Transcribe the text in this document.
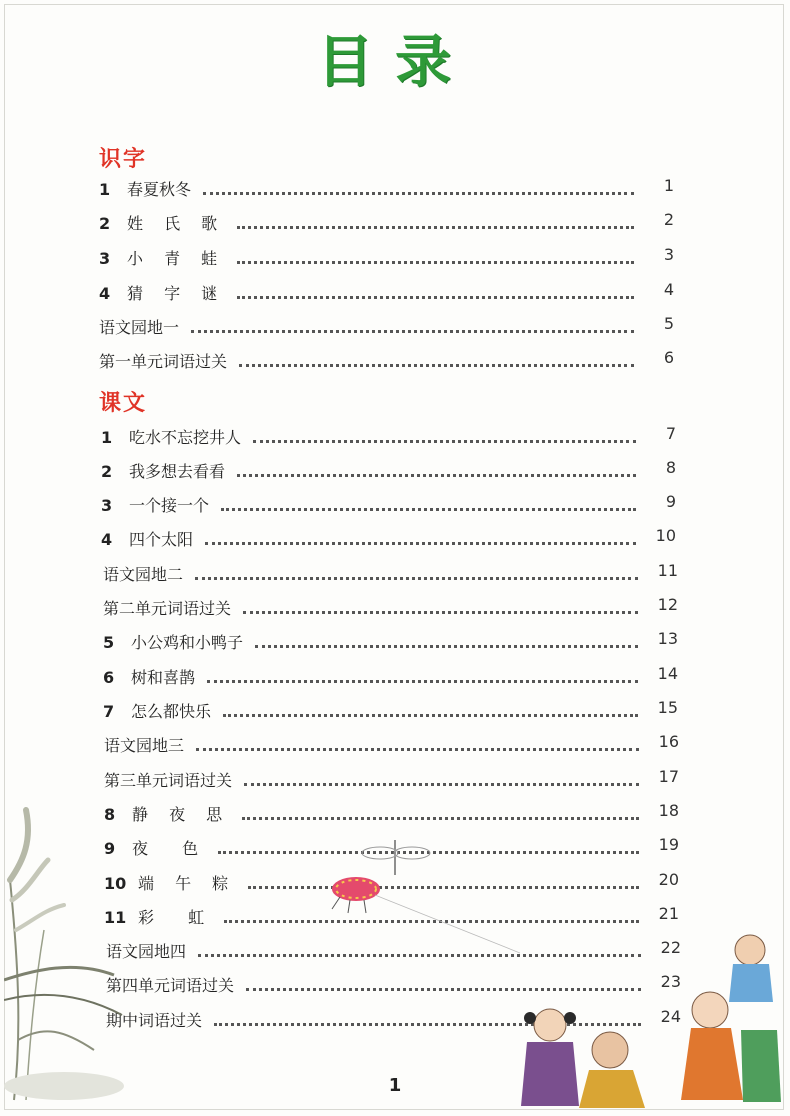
目录
识字
课文
1	春夏秋冬	1
2	姓 氏 歌	2
3	小 青 蛙	3
4	猜 字 谜	4
语文园地一	5
第一单元词语过关	6
1	吃水不忘挖井人	7
2	我多想去看看	8
3	一个接一个	9
4	四个太阳	10
语文园地二	11
第二单元词语过关	12
5	小公鸡和小鸭子	13
6	树和喜鹊	14
7	怎么都快乐	15
语文园地三	16
第三单元词语过关	17
8	静 夜 思	18
9	夜  色	19
10 端 午 粽	20
11 彩  虹	21
语文园地四	22
第四单元词语过关	23
期中词语过关	24
1
